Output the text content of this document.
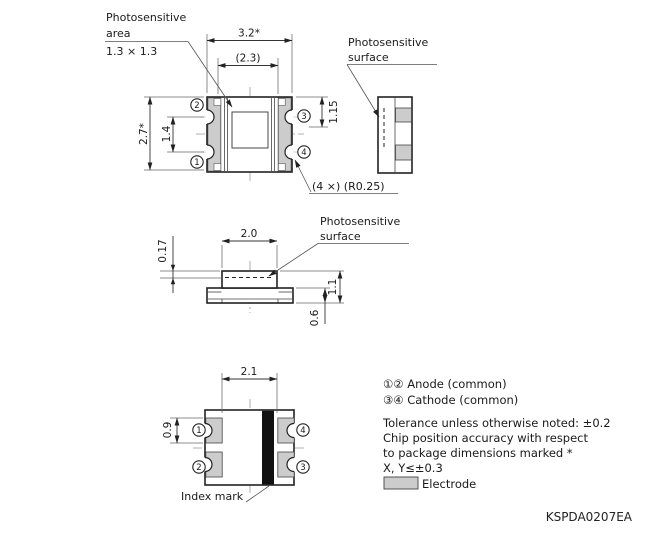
3.2*
(2.3)
2.7* 1.4
1.15
2
1
3
4
Photosensitive
area
1.3 × 1.3
(4 ×) (R0.25)
Photosensitive
surface
2.0
0.17
1.1
0.6
Photosensitive
surface
2.1
0.9	1
2
4
3
Index mark
①② Anode (common)
③④ Cathode (common)
Tolerance unless otherwise noted: ±0.2
Chip position accuracy with respect
to package dimensions marked *
X, Y≤±0.3
Electrode
KSPDA0207EA
